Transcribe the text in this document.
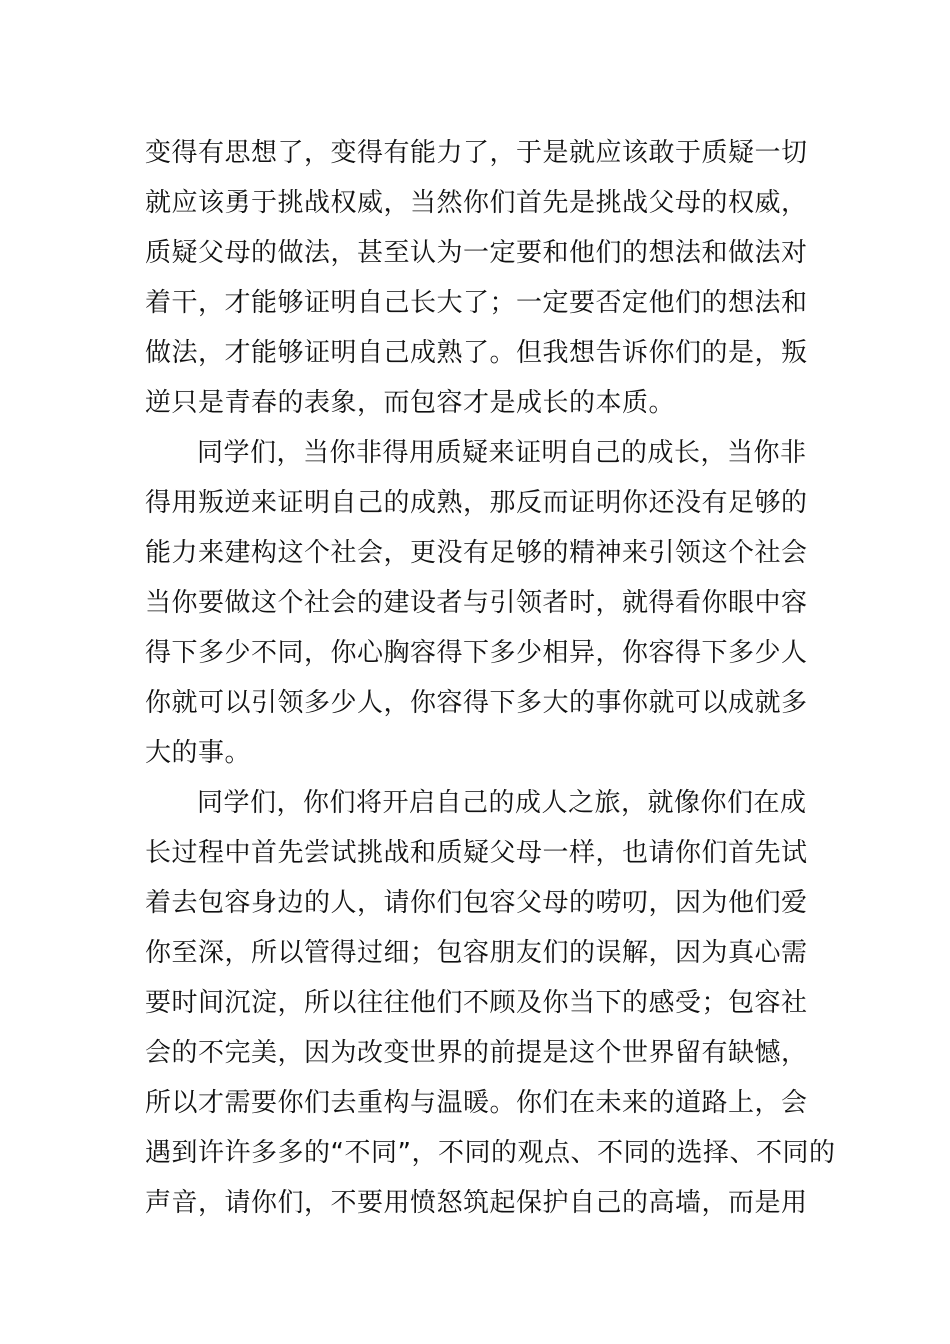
变得有思想了，变得有能力了，于是就应该敢于质疑一切
就应该勇于挑战权威，当然你们首先是挑战父母的权威，
质疑父母的做法，甚至认为一定要和他们的想法和做法对
着干，才能够证明自己长大了；一定要否定他们的想法和
做法，才能够证明自己成熟了。但我想告诉你们的是，叛
逆只是青春的表象，而包容才是成长的本质。
同学们，当你非得用质疑来证明自己的成长，当你非
得用叛逆来证明自己的成熟，那反而证明你还没有足够的
能力来建构这个社会，更没有足够的精神来引领这个社会
当你要做这个社会的建设者与引领者时，就得看你眼中容
得下多少不同，你心胸容得下多少相异，你容得下多少人
你就可以引领多少人，你容得下多大的事你就可以成就多
大的事。
同学们，你们将开启自己的成人之旅，就像你们在成
长过程中首先尝试挑战和质疑父母一样，也请你们首先试
着去包容身边的人，请你们包容父母的唠叨，因为他们爱
你至深，所以管得过细；包容朋友们的误解，因为真心需
要时间沉淀，所以往往他们不顾及你当下的感受；包容社
会的不完美，因为改变世界的前提是这个世界留有缺憾，
所以才需要你们去重构与温暖。你们在未来的道路上，会
遇到许许多多的“不同”，不同的观点、不同的选择、不同的
声音，请你们，不要用愤怒筑起保护自己的高墙，而是用
